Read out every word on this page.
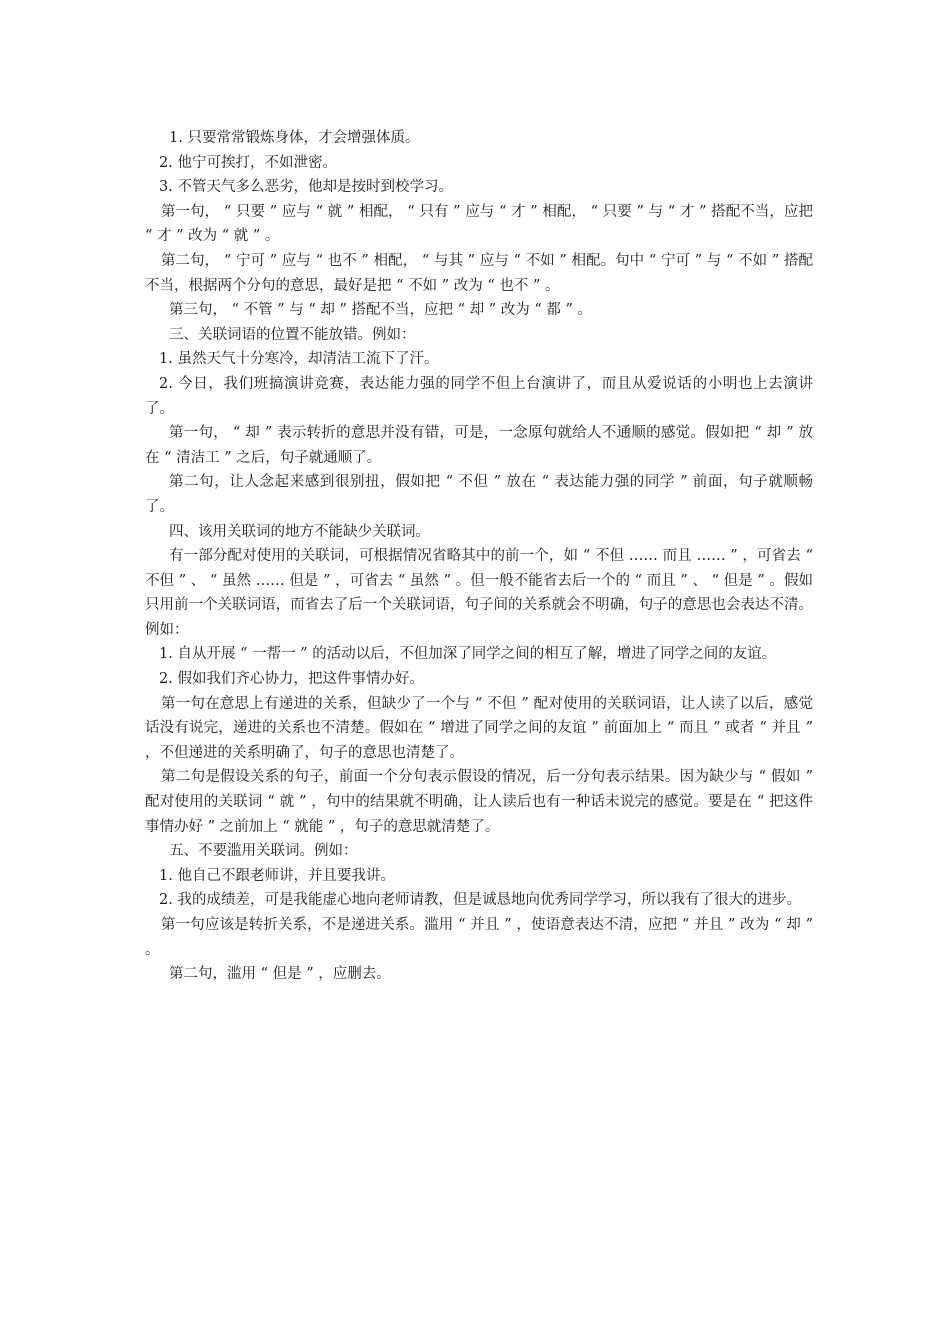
1. 只要常常锻炼身体，才会增强体质。

2. 他宁可挨打，不如泄密。

3. 不管天气多么恶劣，他却是按时到校学习。

第一句， “ 只要 ” 应与 “ 就 ” 相配， “ 只有 ” 应与 “ 才 ” 相配， “ 只要 ” 与 “ 才 ” 搭配不当，应把 “ 才 ” 改为 “ 就 ” 。

第二句， “ 宁可 ” 应与 “ 也不 ” 相配， “ 与其 ” 应与 “ 不如 ” 相配。句中 “ 宁可 ” 与 “ 不如 ” 搭配不当，根据两个分句的意思，最好是把 “ 不如 ” 改为 “ 也不 ” 。

第三句， “ 不管 ” 与 “ 却 ” 搭配不当，应把 “ 却 ” 改为 “ 都 ” 。

三、关联词语的位置不能放错。例如：

1. 虽然天气十分寒冷，却清洁工流下了汗。

2. 今日，我们班搞演讲竞赛，表达能力强的同学不但上台演讲了，而且从爱说话的小明也上去演讲了。

第一句， “ 却 ” 表示转折的意思并没有错，可是，一念原句就给人不通顺的感觉。假如把 “ 却 ” 放在 “ 清洁工 ” 之后，句子就通顺了。

第二句，让人念起来感到很别扭，假如把 “ 不但 ” 放在 “ 表达能力强的同学 ” 前面，句子就顺畅了。

四、该用关联词的地方不能缺少关联词。

有一部分配对使用的关联词，可根据情况省略其中的前一个，如 “ 不但 …… 而且 …… ” ，可省去 “ 不但 ” 、 “ 虽然 …… 但是 ” ，可省去 “ 虽然 ” 。但一般不能省去后一个的 “ 而且 ” 、 “ 但是 ” 。假如只用前一个关联词语，而省去了后一个关联词语，句子间的关系就会不明确，句子的意思也会表达不清。例如：

1. 自从开展 “ 一帮一 ” 的活动以后，不但加深了同学之间的相互了解，增进了同学之间的友谊。

2. 假如我们齐心协力，把这件事情办好。

第一句在意思上有递进的关系，但缺少了一个与 “ 不但 ” 配对使用的关联词语，让人读了以后，感觉话没有说完，递进的关系也不清楚。假如在 “ 增进了同学之间的友谊 ” 前面加上 “ 而且 ” 或者 “ 并且 ” ，不但递进的关系明确了，句子的意思也清楚了。

第二句是假设关系的句子，前面一个分句表示假设的情况，后一分句表示结果。因为缺少与 “ 假如 ” 配对使用的关联词 “ 就 ” ，句中的结果就不明确，让人读后也有一种话未说完的感觉。要是在 “ 把这件事情办好 ” 之前加上 “ 就能 ” ，句子的意思就清楚了。

五、不要滥用关联词。例如：

1. 他自己不跟老师讲，并且要我讲。

2. 我的成绩差，可是我能虚心地向老师请教，但是诚恳地向优秀同学学习，所以我有了很大的进步。

第一句应该是转折关系，不是递进关系。滥用 “ 并且 ” ，使语意表达不清，应把 “ 并且 ” 改为 “ 却 ” 。

第二句，滥用 “ 但是 ” ，应删去。
